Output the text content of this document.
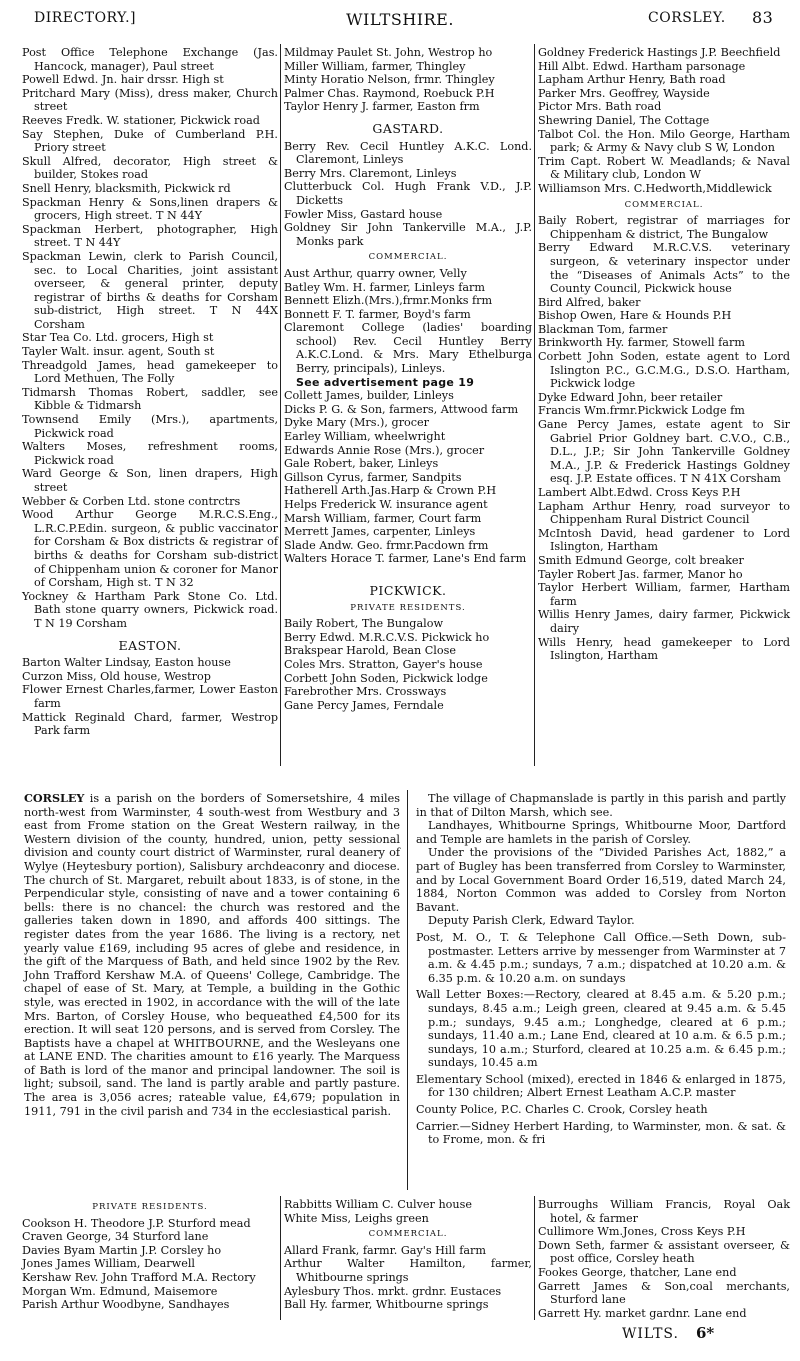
DIRECTORY.]	WILTSHIRE.	CORSLEY. 83
Post Office Telephone Exchange (Jas. Hancock, manager), Paul street
Powell Edwd. Jn. hair drssr. High st
Pritchard Mary (Miss), dress maker, Church street
Reeves Fredk. W. stationer, Pickwick road
Say Stephen, Duke of Cumberland P.H. Priory street
Skull Alfred, decorator, High street & builder, Stokes road
Snell Henry, blacksmith, Pickwick rd
Spackman Henry & Sons,linen drapers & grocers, High street. T N 44Y
Spackman Herbert, photographer, High street. T N 44Y
Spackman Lewin, clerk to Parish Council, sec. to Local Charities, joint assistant overseer, & general printer, deputy registrar of births & deaths for Corsham sub-district, High street. T N 44X Corsham
Star Tea Co. Ltd. grocers, High st
Tayler Walt. insur. agent, South st
Threadgold James, head gamekeeper to Lord Methuen, The Folly
Tidmarsh Thomas Robert, saddler, see Kibble & Tidmarsh
Townsend Emily (Mrs.), apartments, Pickwick road
Walters Moses, refreshment rooms, Pickwick road
Ward George & Son, linen drapers, High street
Webber & Corben Ltd. stone contrctrs
Wood Arthur George M.R.C.S.Eng., L.R.C.P.Edin. surgeon, & public vaccinator for Corsham & Box districts & registrar of births & deaths for Corsham sub-district of Chippenham union & coroner for Manor of Corsham, High st. T N 32
Yockney & Hartham Park Stone Co. Ltd. Bath stone quarry owners, Pickwick road. T N 19 Corsham
EASTON.
Barton Walter Lindsay, Easton house
Curzon Miss, Old house, Westrop
Flower Ernest Charles,farmer, Lower Easton farm
Mattick Reginald Chard, farmer, Westrop Park farm
Mildmay Paulet St. John, Westrop ho
Miller William, farmer, Thingley
Minty Horatio Nelson, frmr. Thingley
Palmer Chas. Raymond, Roebuck P.H
Taylor Henry J. farmer, Easton frm
GASTARD.
Berry Rev. Cecil Huntley A.K.C. Lond. Claremont, Linleys
Berry Mrs. Claremont, Linleys
Clutterbuck Col. Hugh Frank V.D., J.P. Dicketts
Fowler Miss, Gastard house
Goldney Sir John Tankerville M.A., J.P. Monks park
COMMERCIAL.
Aust Arthur, quarry owner, Velly
Batley Wm. H. farmer, Linleys farm
Bennett Elizh.(Mrs.),frmr.Monks frm
Bonnett F. T. farmer, Boyd's farm
Claremont College (ladies' boarding school) Rev. Cecil Huntley Berry A.K.C.Lond. & Mrs. Mary Ethelburga Berry, principals), Linleys.
See advertisement page 19
Collett James, builder, Linleys
Dicks P. G. & Son, farmers, Attwood farm
Dyke Mary (Mrs.), grocer
Earley William, wheelwright
Edwards Annie Rose (Mrs.), grocer
Gale Robert, baker, Linleys
Gillson Cyrus, farmer, Sandpits
Hatherell Arth.Jas.Harp & Crown P.H
Helps Frederick W. insurance agent
Marsh William, farmer, Court farm
Merrett James, carpenter, Linleys
Slade Andw. Geo. frmr.Pacdown frm
Walters Horace T. farmer, Lane's End farm
PICKWICK.
PRIVATE RESIDENTS.
Baily Robert, The Bungalow
Berry Edwd. M.R.C.V.S. Pickwick ho
Brakspear Harold, Bean Close
Coles Mrs. Stratton, Gayer's house
Corbett John Soden, Pickwick lodge
Farebrother Mrs. Crossways
Gane Percy James, Ferndale
Goldney Frederick Hastings J.P. Beechfield
Hill Albt. Edwd. Hartham parsonage
Lapham Arthur Henry, Bath road
Parker Mrs. Geoffrey, Wayside
Pictor Mrs. Bath road
Shewring Daniel, The Cottage
Talbot Col. the Hon. Milo George, Hartham park; & Army & Navy club S W, London
Trim Capt. Robert W. Meadlands; & Naval & Military club, London W
Williamson Mrs. C.Hedworth,Middlewick
COMMERCIAL.
Baily Robert, registrar of marriages for Chippenham & district, The Bungalow
Berry Edward M.R.C.V.S. veterinary surgeon, & veterinary inspector under the “Diseases of Animals Acts” to the County Council, Pickwick house
Bird Alfred, baker
Bishop Owen, Hare & Hounds P.H
Blackman Tom, farmer
Brinkworth Hy. farmer, Stowell farm
Corbett John Soden, estate agent to Lord Islington P.C., G.C.M.G., D.S.O. Hartham, Pickwick lodge
Dyke Edward John, beer retailer
Francis Wm.frmr.Pickwick Lodge fm
Gane Percy James, estate agent to Sir Gabriel Prior Goldney bart. C.V.O., C.B., D.L., J.P.; Sir John Tankerville Goldney M.A., J.P. & Frederick Hastings Goldney esq. J.P. Estate offices. T N 41X Corsham
Lambert Albt.Edwd. Cross Keys P.H
Lapham Arthur Henry, road surveyor to Chippenham Rural District Council
McIntosh David, head gardener to Lord Islington, Hartham
Smith Edmund George, colt breaker
Tayler Robert Jas. farmer, Manor ho
Taylor Herbert William, farmer, Hartham farm
Willis Henry James, dairy farmer, Pickwick dairy
Wills Henry, head gamekeeper to Lord Islington, Hartham
CORSLEY is a parish on the borders of Somersetshire, 4 miles north-west from Warminster, 4 south-west from Westbury and 3 east from Frome station on the Great Western railway, in the Western division of the county, hundred, union, petty sessional division and county court district of Warminster, rural deanery of Wylye (Heytesbury portion), Salisbury archdeaconry and diocese. The church of St. Margaret, rebuilt about 1833, is of stone, in the Perpendicular style, consisting of nave and a tower containing 6 bells: there is no chancel: the church was restored and the galleries taken down in 1890, and affords 400 sittings. The register dates from the year 1686. The living is a rectory, net yearly value £169, including 95 acres of glebe and residence, in the gift of the Marquess of Bath, and held since 1902 by the Rev. John Trafford Kershaw M.A. of Queens' College, Cambridge. The chapel of ease of St. Mary, at Temple, a building in the Gothic style, was erected in 1902, in accordance with the will of the late Mrs. Barton, of Corsley House, who bequeathed £4,500 for its erection. It will seat 120 persons, and is served from Corsley. The Baptists have a chapel at WHITBOURNE, and the Wesleyans one at LANE END. The charities amount to £16 yearly. The Marquess of Bath is lord of the manor and principal landowner. The soil is light; subsoil, sand. The land is partly arable and partly pasture. The area is 3,056 acres; rateable value, £4,679; population in 1911, 791 in the civil parish and 734 in the ecclesiastical parish.
The village of Chapmanslade is partly in this parish and partly in that of Dilton Marsh, which see.
Landhayes, Whitbourne Springs, Whitbourne Moor, Dartford and Temple are hamlets in the parish of Corsley.
Under the provisions of the “Divided Parishes Act, 1882,” a part of Bugley has been transferred from Corsley to Warminster, and by Local Government Board Order 16,519, dated March 24, 1884, Norton Common was added to Corsley from Norton Bavant.
Deputy Parish Clerk, Edward Taylor.
Post, M. O., T. & Telephone Call Office.—Seth Down, sub-postmaster. Letters arrive by messenger from Warminster at 7 a.m. & 4.45 p.m.; sundays, 7 a.m.; dispatched at 10.20 a.m. & 6.35 p.m. & 10.20 a.m. on sundays
Wall Letter Boxes:—Rectory, cleared at 8.45 a.m. & 5.20 p.m.; sundays, 8.45 a.m.; Leigh green, cleared at 9.45 a.m. & 5.45 p.m.; sundays, 9.45 a.m.; Longhedge, cleared at 6 p.m.; sundays, 11.40 a.m.; Lane End, cleared at 10 a.m. & 6.5 p.m.; sundays, 10 a.m.; Sturford, cleared at 10.25 a.m. & 6.45 p.m.; sundays, 10.45 a.m
Elementary School (mixed), erected in 1846 & enlarged in 1875, for 130 children; Albert Ernest Leatham A.C.P. master
County Police, P.C. Charles C. Crook, Corsley heath
Carrier.—Sidney Herbert Harding, to Warminster, mon. & sat. & to Frome, mon. & fri
PRIVATE RESIDENTS.
Cookson H. Theodore J.P. Sturford mead
Craven George, 34 Sturford lane
Davies Byam Martin J.P. Corsley ho
Jones James William, Dearwell
Kershaw Rev. John Trafford M.A. Rectory
Morgan Wm. Edmund, Maisemore
Parish Arthur Woodbyne, Sandhayes
Rabbitts William C. Culver house
White Miss, Leighs green
COMMERCIAL.
Allard Frank, farmr. Gay's Hill farm
Arthur Walter Hamilton, farmer, Whitbourne springs
Aylesbury Thos. mrkt. grdnr. Eustaces
Ball Hy. farmer, Whitbourne springs
Burroughs William Francis, Royal Oak hotel, & farmer
Cullimore Wm.Jones, Cross Keys P.H
Down Seth, farmer & assistant overseer, & post office, Corsley heath
Fookes George, thatcher, Lane end
Garrett James & Son,coal merchants, Sturford lane
Garrett Hy. market gardnr. Lane end
WILTS. 6*
